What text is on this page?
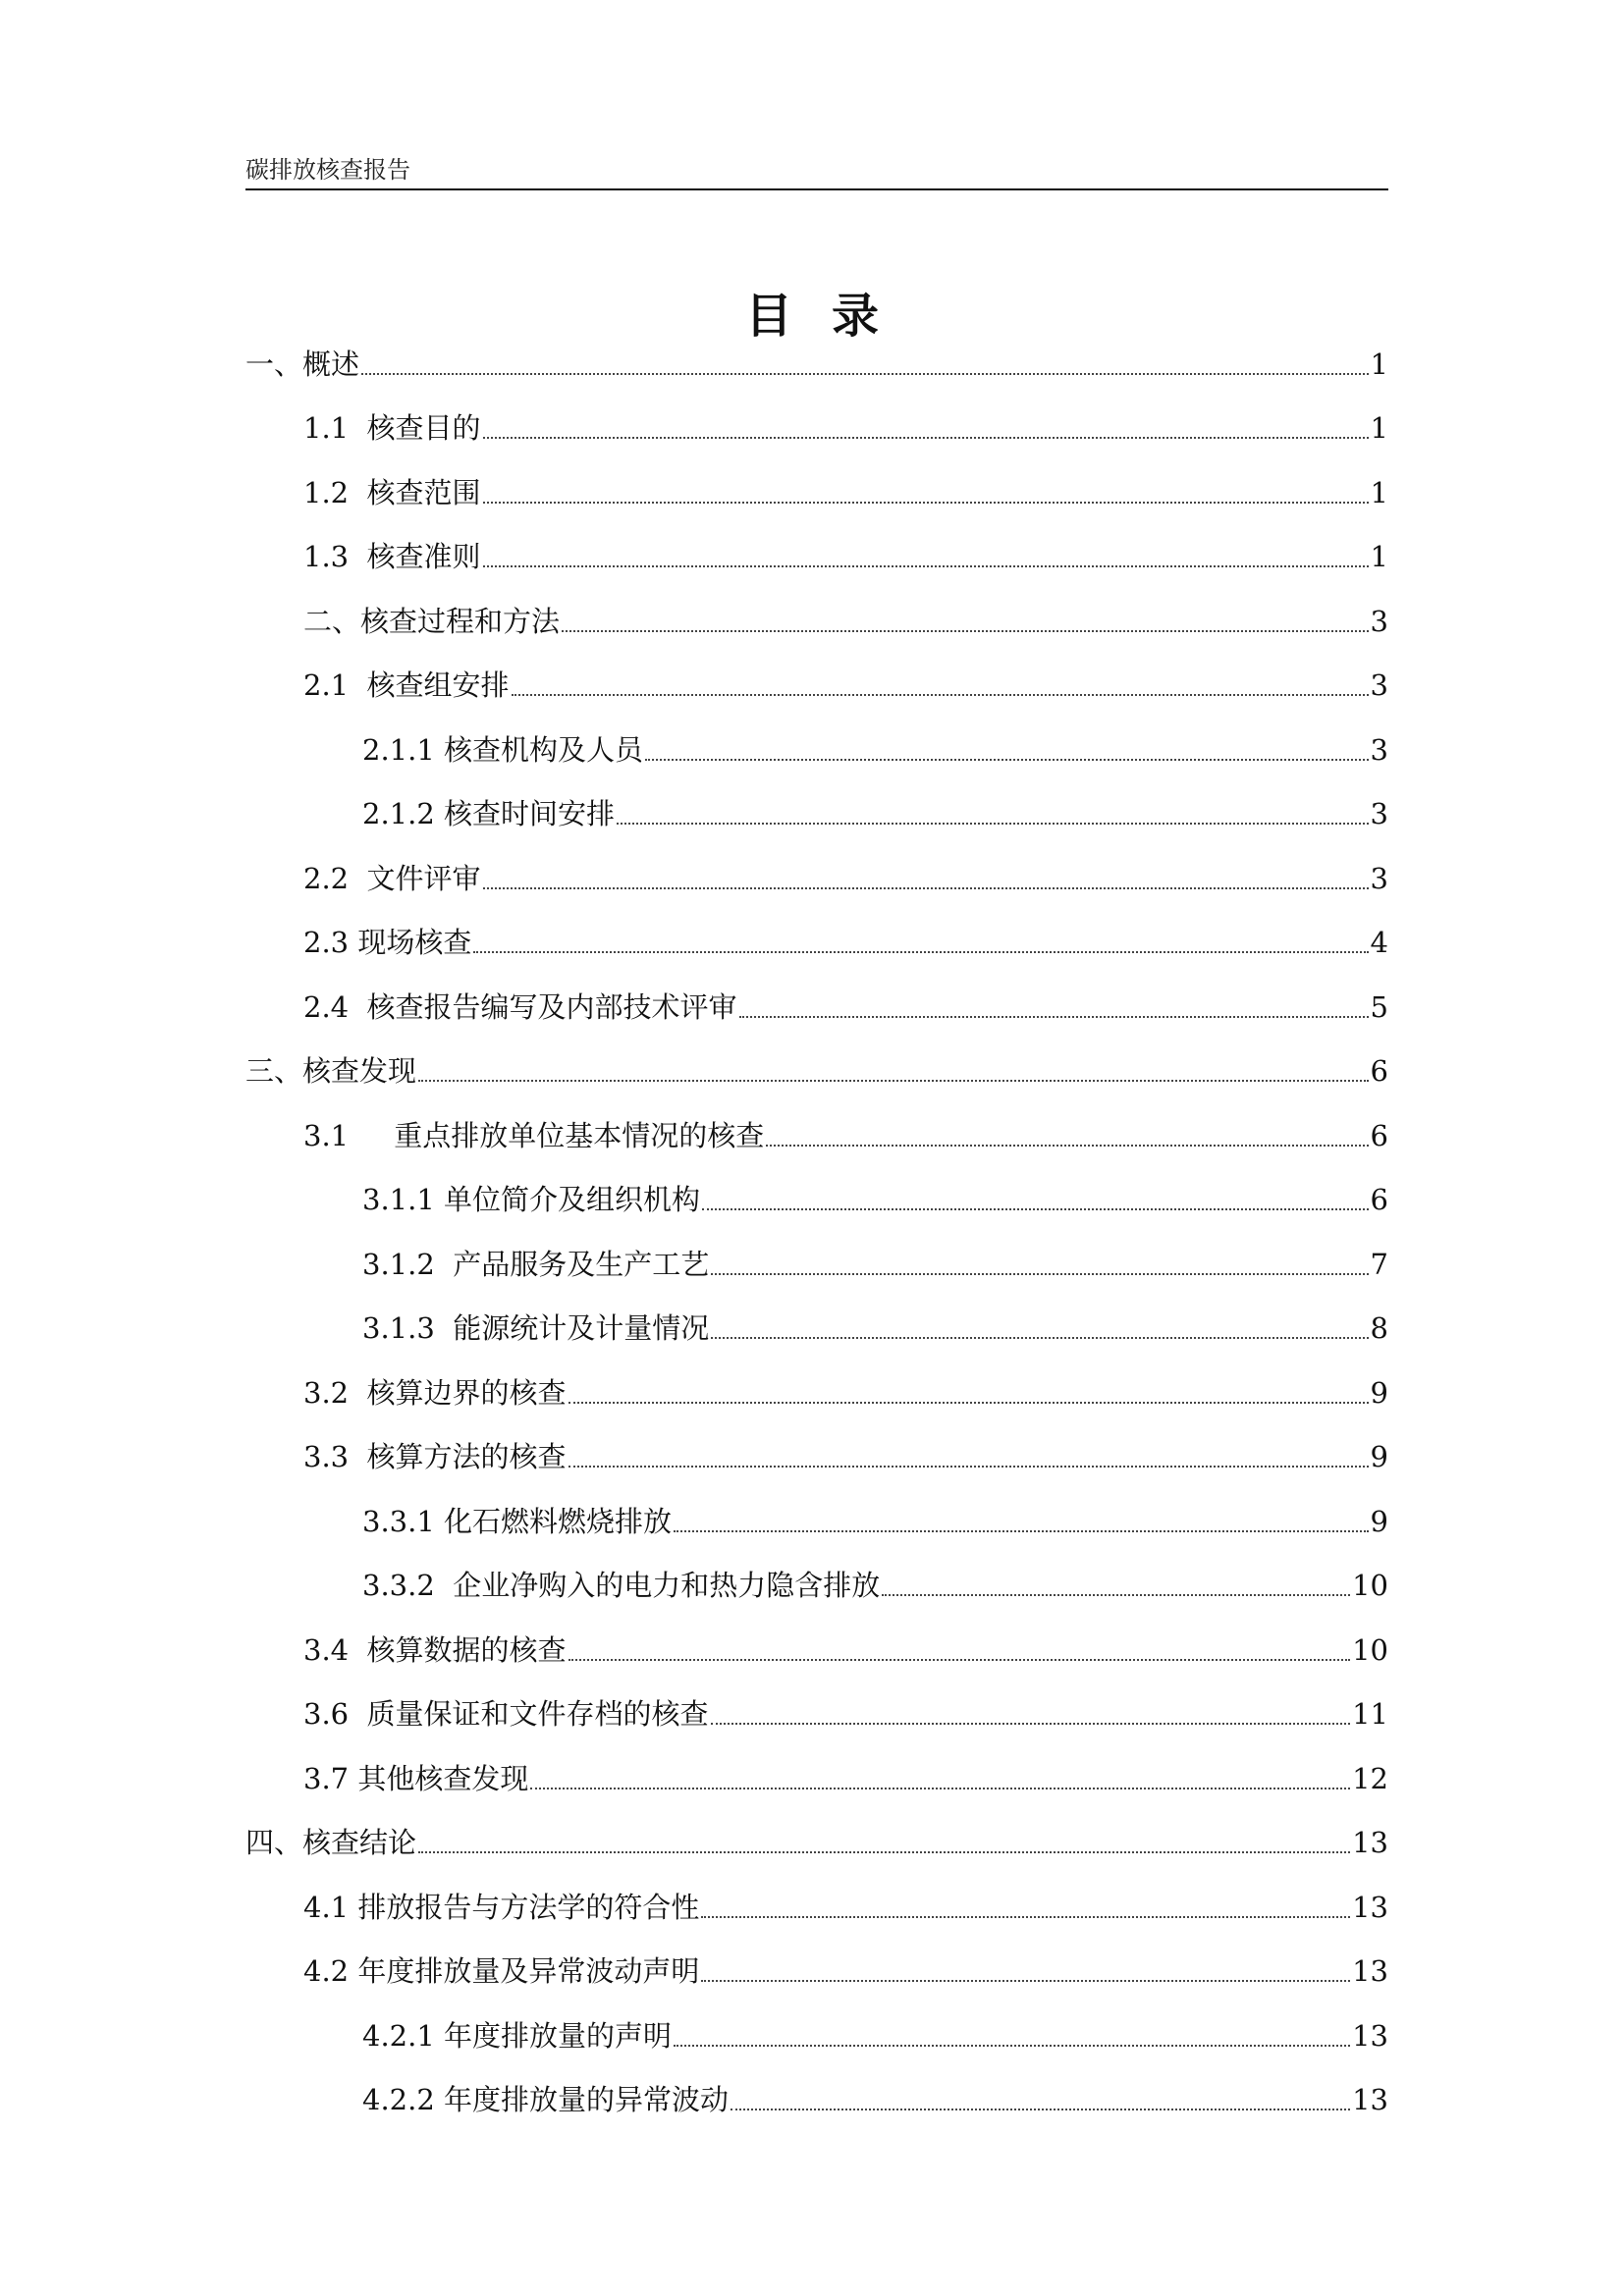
碳排放核查报告
目录
一、概述	1
1.1  核查目的	1
1.2  核查范围	1
1.3  核查准则	1
二、核查过程和方法	3
2.1  核查组安排	3
2.1.1 核查机构及人员	3
2.1.2 核查时间安排	3
2.2  文件评审	3
2.3 现场核查	4
2.4  核查报告编写及内部技术评审	5
三、核查发现	6
3.1     重点排放单位基本情况的核查	6
3.1.1 单位简介及组织机构	6
3.1.2  产品服务及生产工艺	7
3.1.3  能源统计及计量情况	8
3.2  核算边界的核查	9
3.3  核算方法的核查	9
3.3.1 化石燃料燃烧排放	9
3.3.2  企业净购入的电力和热力隐含排放	10
3.4  核算数据的核查	10
3.6  质量保证和文件存档的核查	11
3.7 其他核查发现	12
四、核查结论	13
4.1 排放报告与方法学的符合性	13
4.2 年度排放量及异常波动声明	13
4.2.1 年度排放量的声明	13
4.2.2 年度排放量的异常波动	13
